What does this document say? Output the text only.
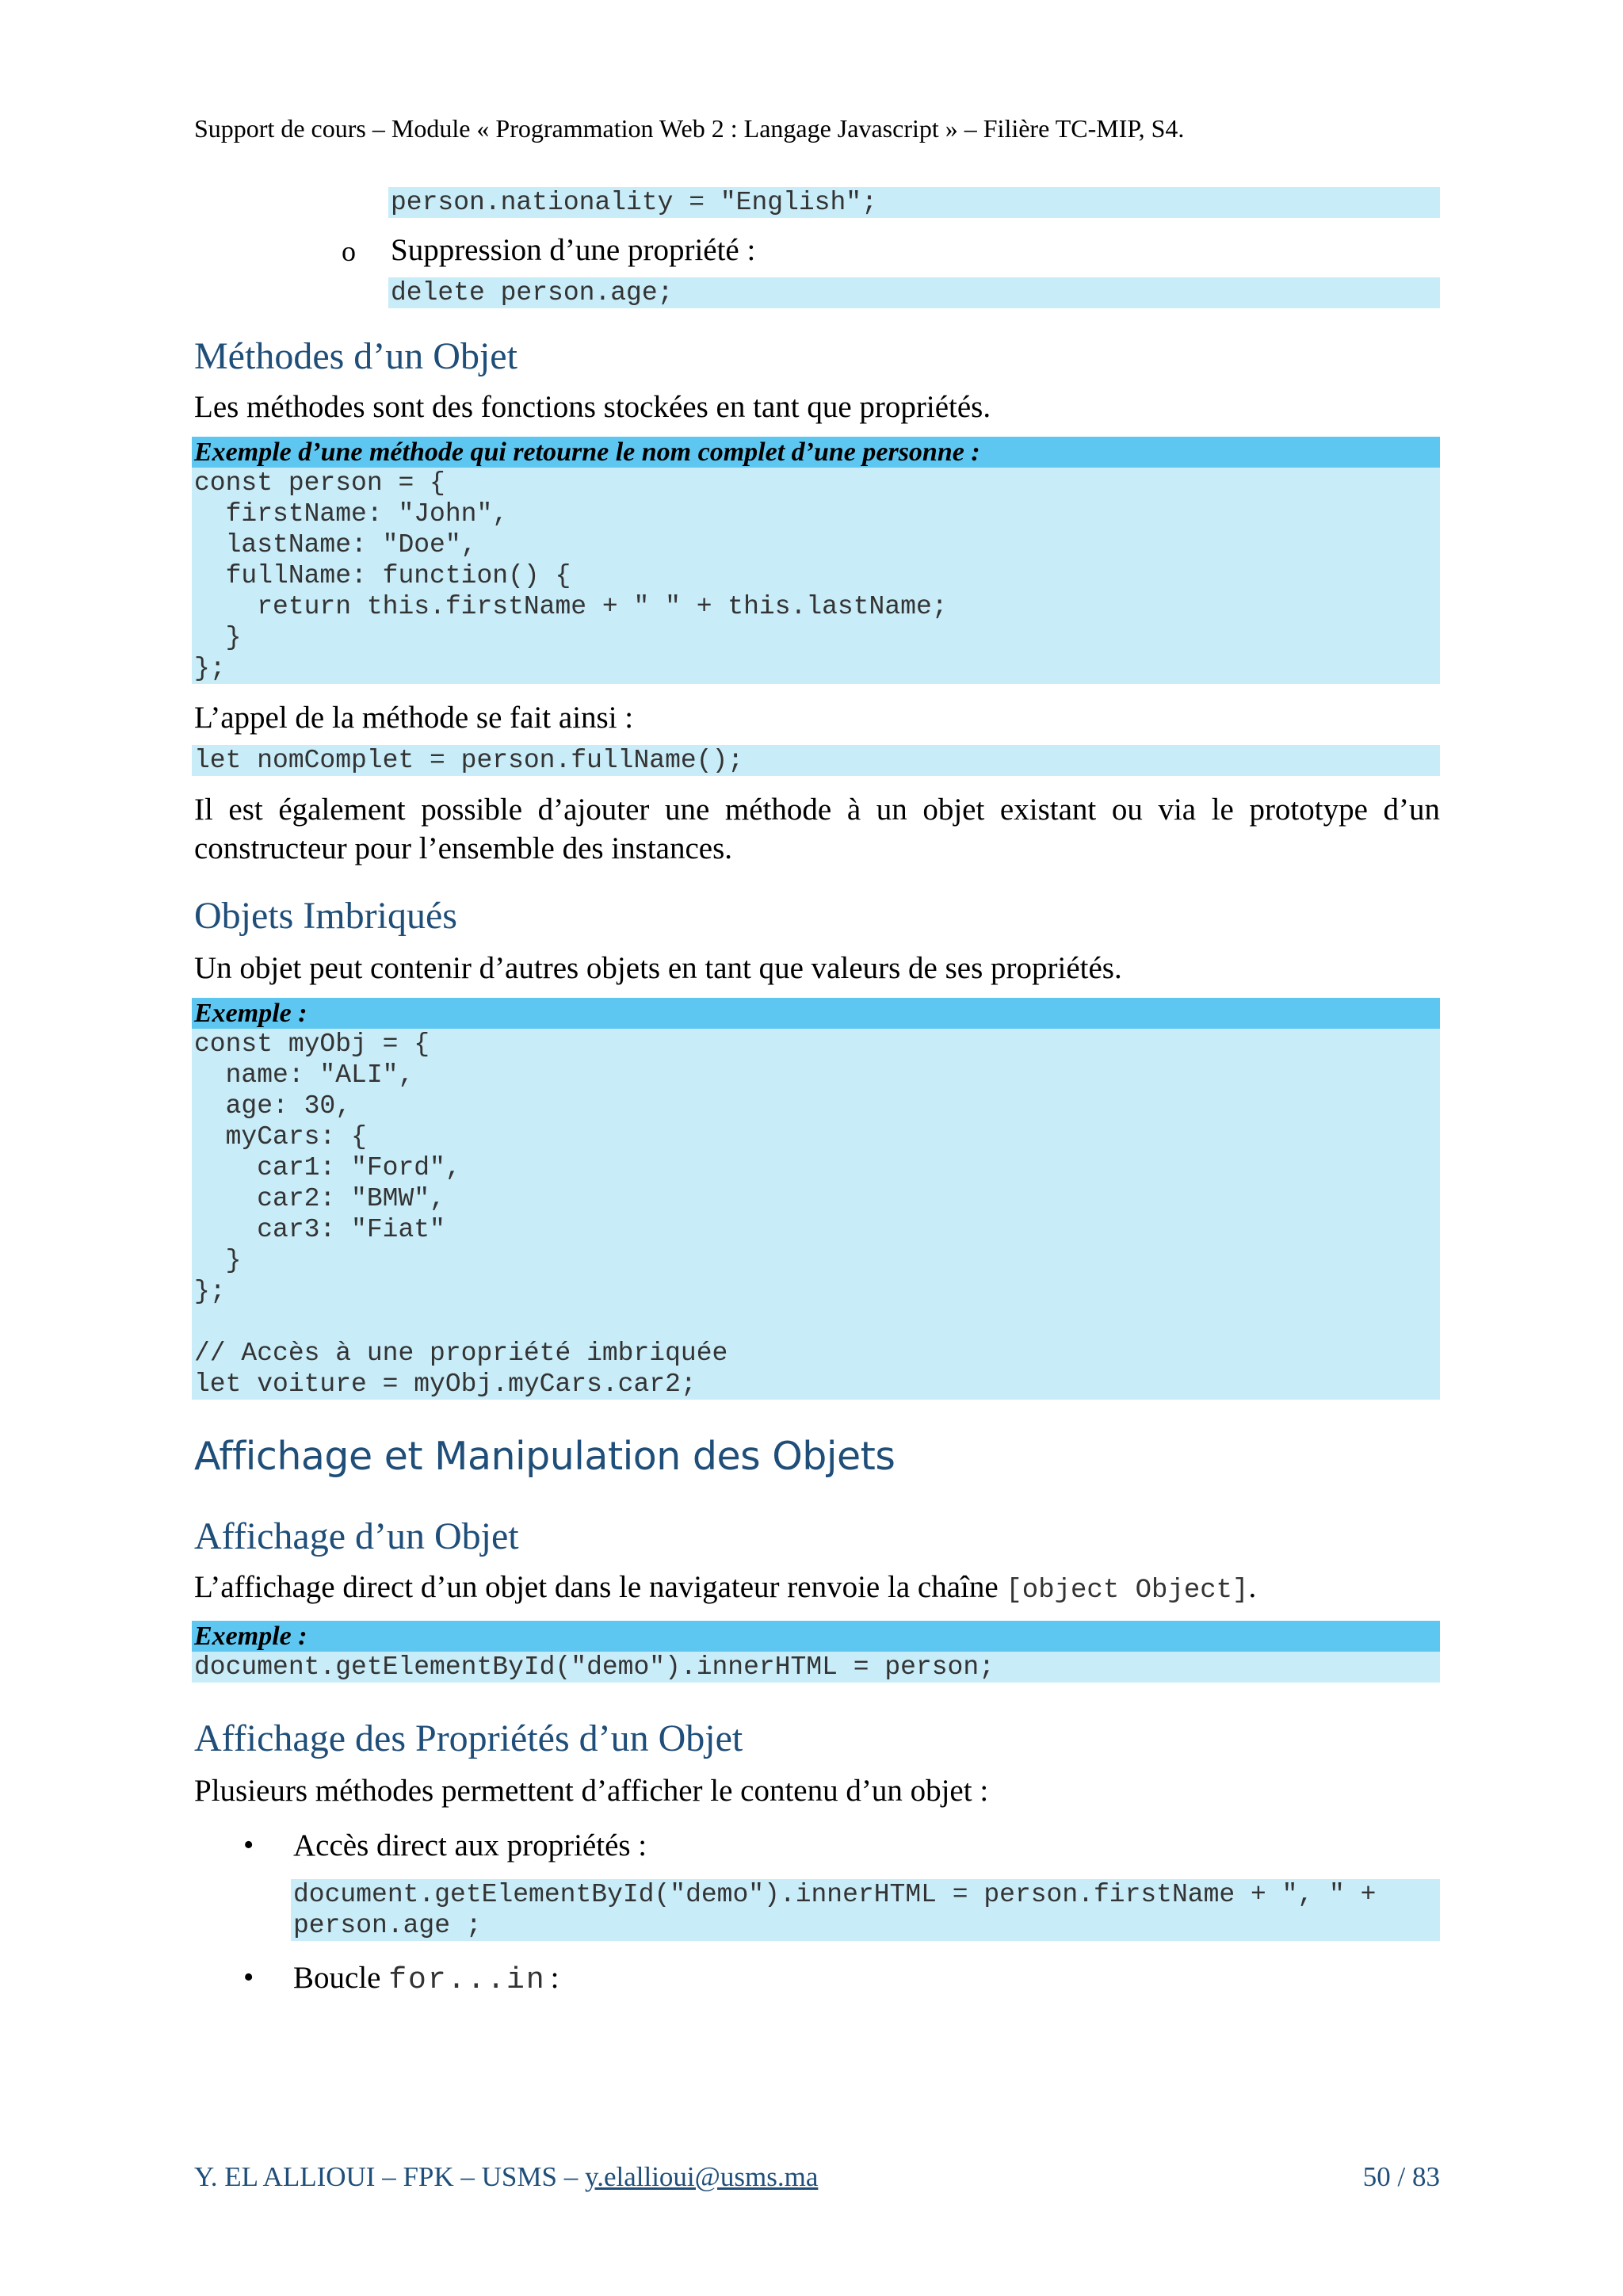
Support de cours – Module « Programmation Web 2 : Langage Javascript » – Filière TC-MIP, S4.
person.nationality = "English";
o Suppression d’une propriété :
delete person.age;
Méthodes d’un Objet

Les méthodes sont des fonctions stockées en tant que propriétés.

Exemple d’une méthode qui retourne le nom complet d’une personne :
const person = {
firstName: "John",
lastName: "Doe",
fullName: function() {
return this.firstName + " " + this.lastName;
}
};

L’appel de la méthode se fait ainsi :

let nomComplet = person.fullName();

Il est également possible d’ajouter une méthode à un objet existant ou via le prototype d’un constructeur pour l’ensemble des instances.

Objets Imbriqués

Un objet peut contenir d’autres objets en tant que valeurs de ses propriétés.

Exemple :
const myObj = {
name: "ALI",
age: 30,
myCars: {
car1: "Ford",
car2: "BMW",
car3: "Fiat"
}
};

// Accès à une propriété imbriquée
let voiture = myObj.myCars.car2;
Affichage et Manipulation des Objets
Affichage d’un Objet

L’affichage direct d’un objet dans le navigateur renvoie la chaîne [object Object].

Exemple :
document.getElementById("demo").innerHTML = person;
Affichage des Propriétés d’un Objet

Plusieurs méthodes permettent d’afficher le contenu d’un objet :

• Accès direct aux propriétés :
document.getElementById("demo").innerHTML = person.firstName + ", " +
person.age ;
• Boucle for...in :
Y. EL ALLIOUI – FPK – USMS – y.elallioui@usms.ma	50 / 83
